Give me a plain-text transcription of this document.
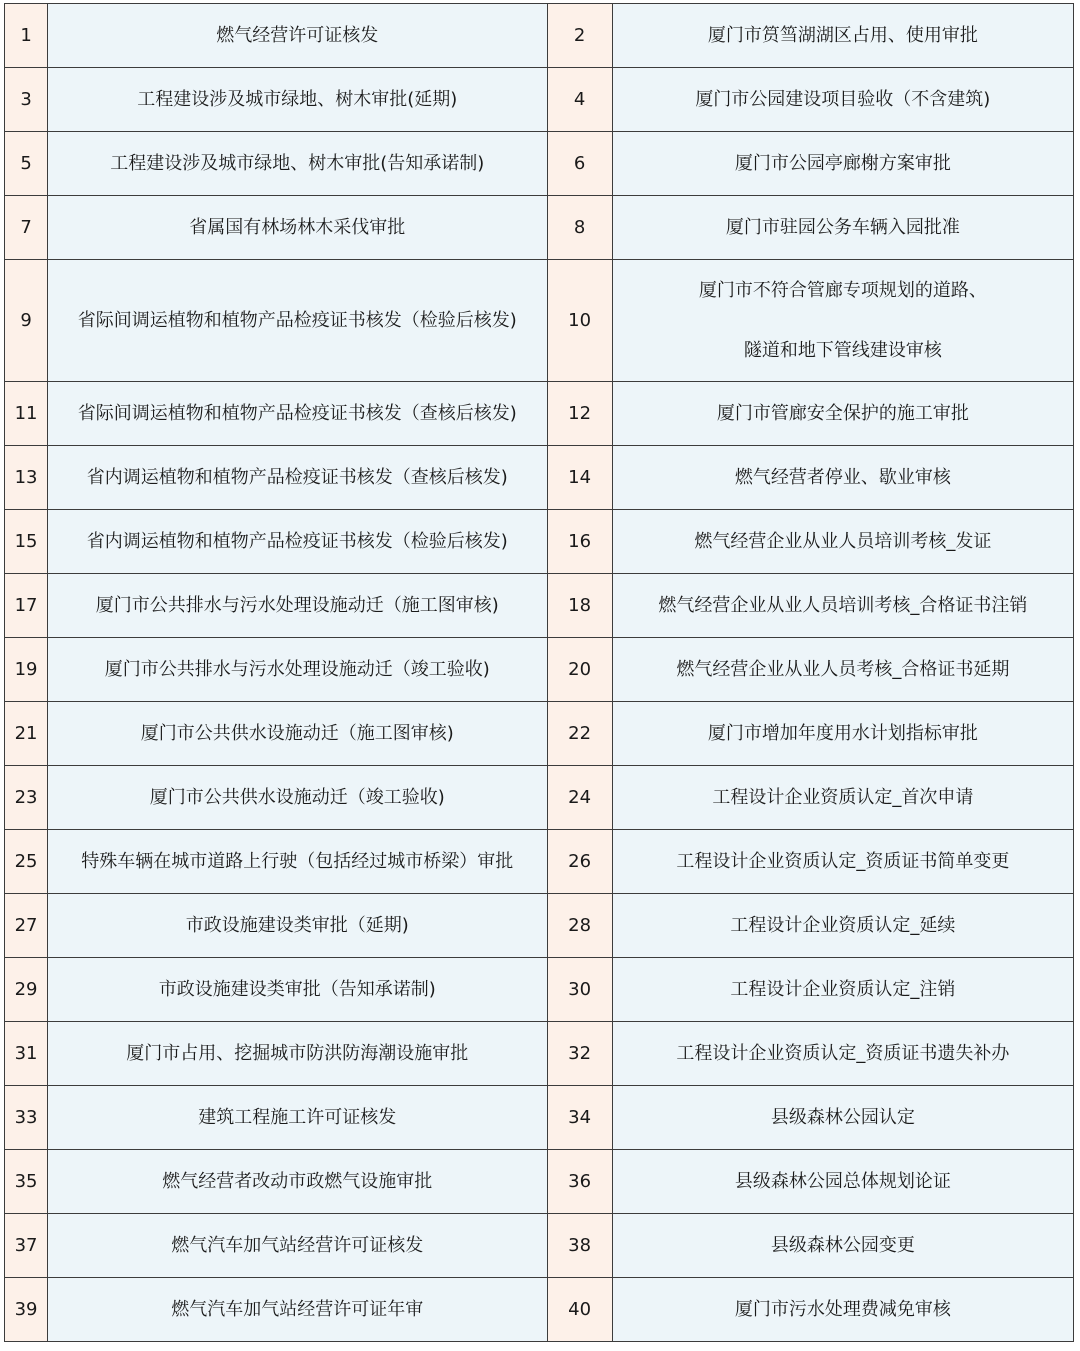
1	燃气经营许可证核发	2	厦门市筼筜湖湖区占用、使用审批
3	工程建设涉及城市绿地、树木审批(延期)	4	厦门市公园建设项目验收（不含建筑)
5	工程建设涉及城市绿地、树木审批(告知承诺制)	6	厦门市公园亭廊榭方案审批
7	省属国有林场林木采伐审批	8	厦门市驻园公务车辆入园批准
9	省际间调运植物和植物产品检疫证书核发（检验后核发)	10	厦门市不符合管廊专项规划的道路、
隧道和地下管线建设审核

11	省际间调运植物和植物产品检疫证书核发（查核后核发)	12	厦门市管廊安全保护的施工审批
13	省内调运植物和植物产品检疫证书核发（查核后核发)	14	燃气经营者停业、歇业审核
15	省内调运植物和植物产品检疫证书核发（检验后核发)	16	燃气经营企业从业人员培训考核_发证
17	厦门市公共排水与污水处理设施动迁（施工图审核)	18	燃气经营企业从业人员培训考核_合格证书注销
19	厦门市公共排水与污水处理设施动迁（竣工验收)	20	燃气经营企业从业人员考核_合格证书延期
21	厦门市公共供水设施动迁（施工图审核)	22	厦门市增加年度用水计划指标审批
23	厦门市公共供水设施动迁（竣工验收)	24	工程设计企业资质认定_首次申请
25	特殊车辆在城市道路上行驶（包括经过城市桥梁）审批	26	工程设计企业资质认定_资质证书简单变更
27	市政设施建设类审批（延期)	28	工程设计企业资质认定_延续
29	市政设施建设类审批（告知承诺制)	30	工程设计企业资质认定_注销
31	厦门市占用、挖掘城市防洪防海潮设施审批	32	工程设计企业资质认定_资质证书遗失补办
33	建筑工程施工许可证核发	34	县级森林公园认定
35	燃气经营者改动市政燃气设施审批	36	县级森林公园总体规划论证
37	燃气汽车加气站经营许可证核发	38	县级森林公园变更
39	燃气汽车加气站经营许可证年审	40	厦门市污水处理费减免审核
